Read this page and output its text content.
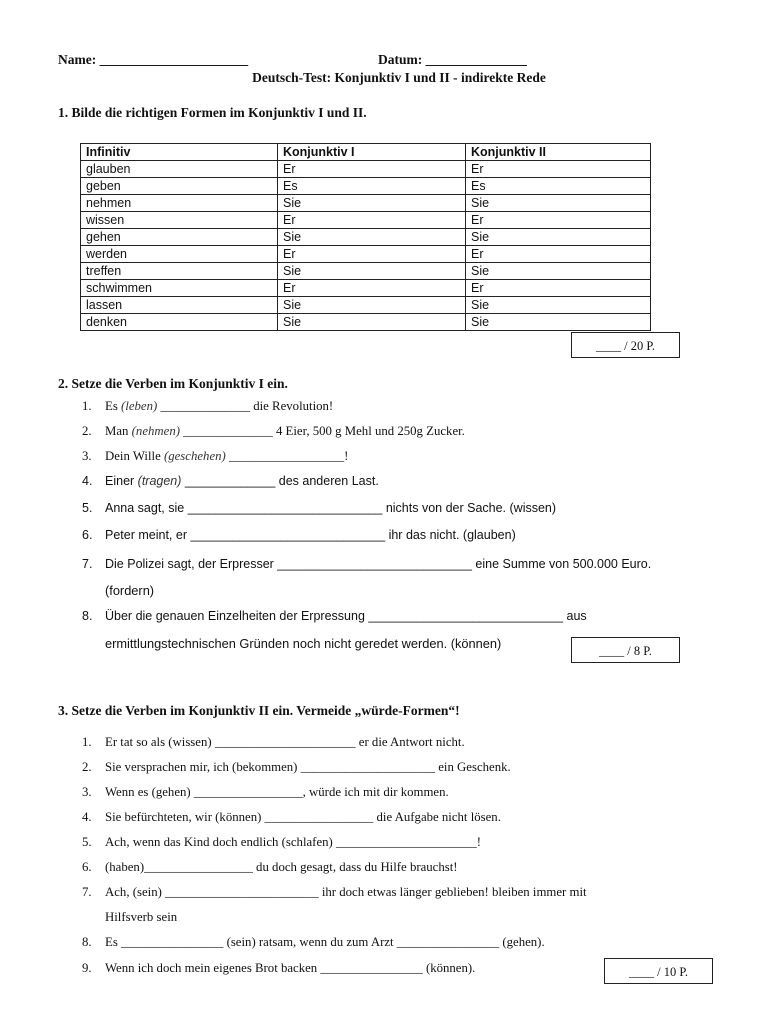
Name: ______________________	Datum: _______________
Deutsch-Test: Konjunktiv I und II - indirekte Rede
1. Bilde die richtigen Formen im Konjunktiv I und II.
Infinitiv	Konjunktiv I	Konjunktiv II
glauben	Er	Er
geben	Es	Es
nehmen	Sie	Sie
wissen	Er	Er
gehen	Sie	Sie
werden	Er	Er
treffen	Sie	Sie
schwimmen	Er	Er
lassen	Sie	Sie
denken	Sie	Sie
____ / 20 P.
2. Setze die Verben im Konjunktiv I ein.
1. Es (leben) ______________ die Revolution!
2. Man (nehmen) ______________ 4 Eier, 500 g Mehl und 250g Zucker.
3. Dein Wille (geschehen) __________________!
4. Einer (tragen) _____________ des anderen Last.
5. Anna sagt, sie ____________________________ nichts von der Sache. (wissen)
6. Peter meint, er ____________________________ ihr das nicht. (glauben)
7. Die Polizei sagt, der Erpresser ____________________________ eine Summe von 500.000 Euro.
(fordern)
8. Über die genauen Einzelheiten der Erpressung ____________________________ aus
ermittlungstechnischen Gründen noch nicht geredet werden. (können)	____ / 8 P.
3. Setze die Verben im Konjunktiv II ein. Vermeide „würde-Formen“!
1. Er tat so als (wissen) ______________________ er die Antwort nicht.
2. Sie versprachen mir, ich (bekommen) _____________________ ein Geschenk.
3. Wenn es (gehen) _________________, würde ich mit dir kommen.
4. Sie befürchteten, wir (können) _________________ die Aufgabe nicht lösen.
5. Ach, wenn das Kind doch endlich (schlafen) ______________________!
6. (haben)_________________ du doch gesagt, dass du Hilfe brauchst!
7. Ach, (sein) ________________________ ihr doch etwas länger geblieben! bleiben immer mit
Hilfsverb sein
8. Es ________________ (sein) ratsam, wenn du zum Arzt ________________ (gehen).
9. Wenn ich doch mein eigenes Brot backen ________________ (können).	____ / 10 P.
